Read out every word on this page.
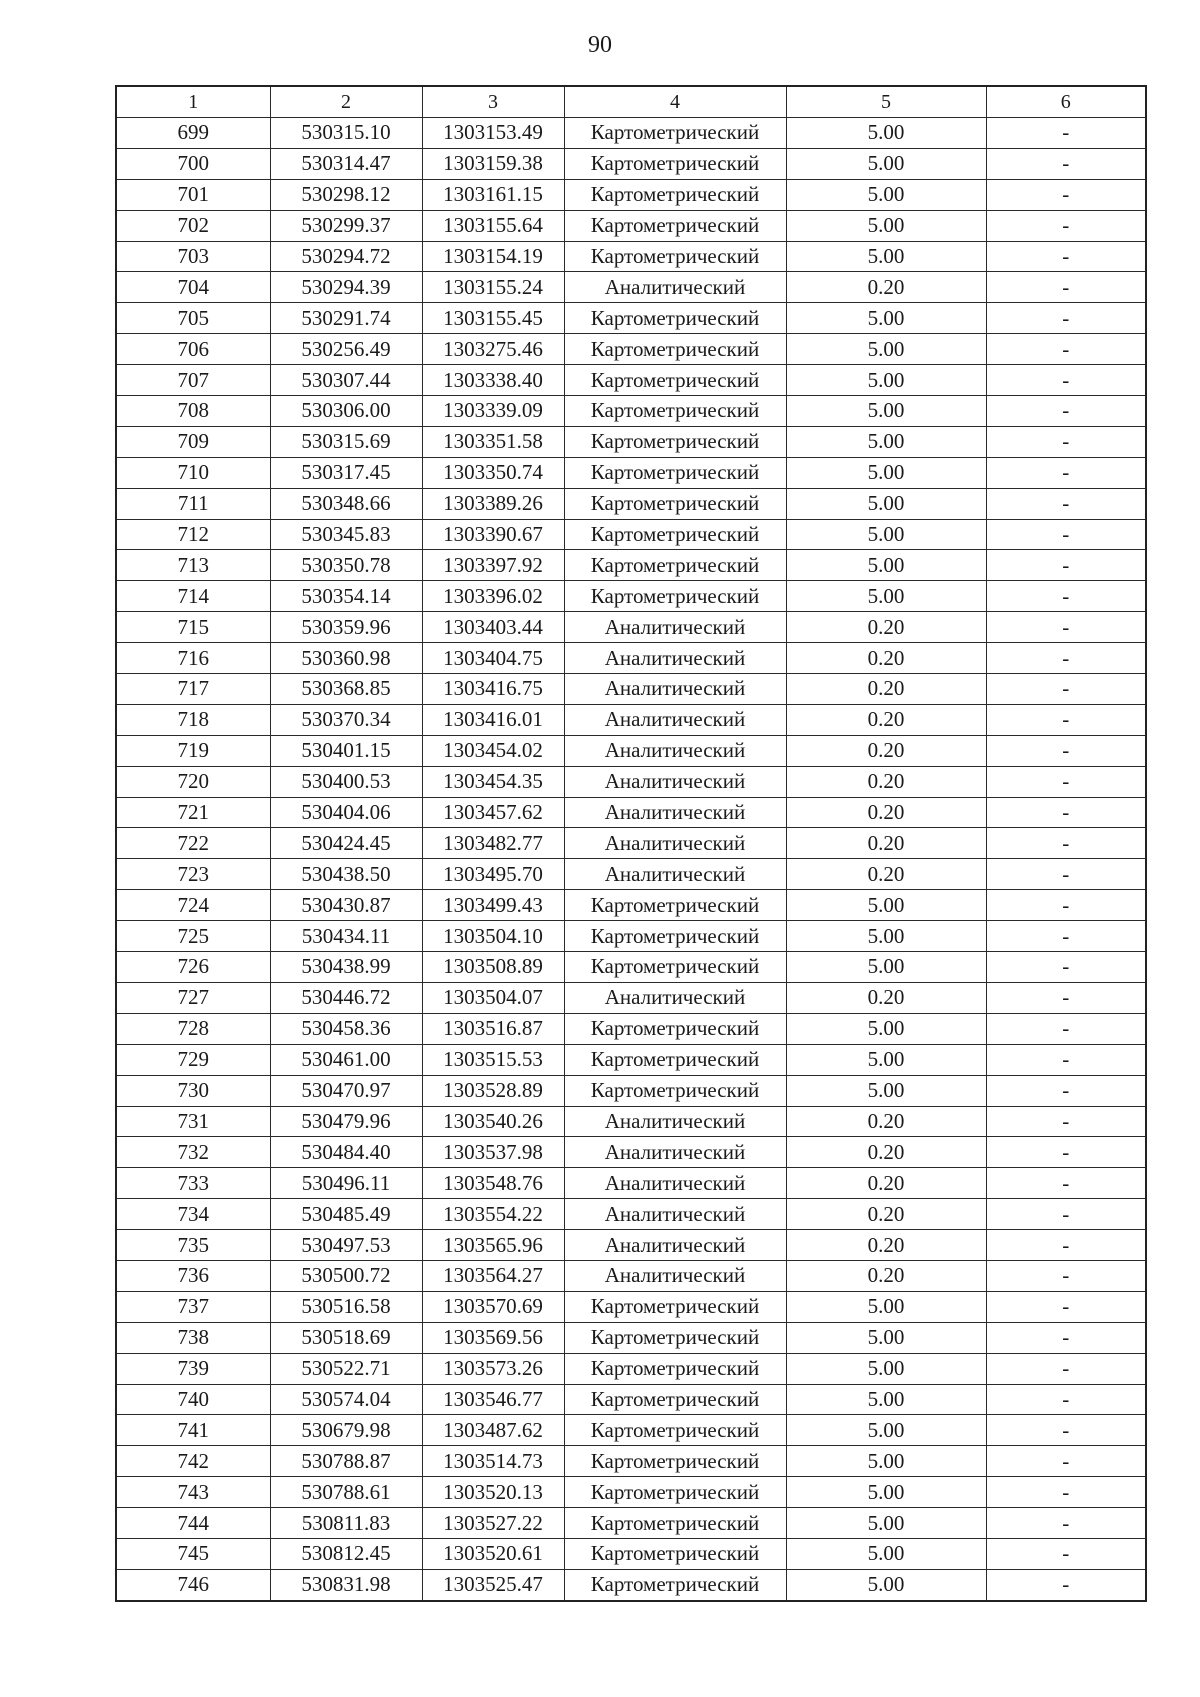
90
1	2	3	4	5	6
699	530315.10	1303153.49	Картометрический	5.00	-
700	530314.47	1303159.38	Картометрический	5.00	-
701	530298.12	1303161.15	Картометрический	5.00	-
702	530299.37	1303155.64	Картометрический	5.00	-
703	530294.72	1303154.19	Картометрический	5.00	-
704	530294.39	1303155.24	Аналитический	0.20	-
705	530291.74	1303155.45	Картометрический	5.00	-
706	530256.49	1303275.46	Картометрический	5.00	-
707	530307.44	1303338.40	Картометрический	5.00	-
708	530306.00	1303339.09	Картометрический	5.00	-
709	530315.69	1303351.58	Картометрический	5.00	-
710	530317.45	1303350.74	Картометрический	5.00	-
711	530348.66	1303389.26	Картометрический	5.00	-
712	530345.83	1303390.67	Картометрический	5.00	-
713	530350.78	1303397.92	Картометрический	5.00	-
714	530354.14	1303396.02	Картометрический	5.00	-
715	530359.96	1303403.44	Аналитический	0.20	-
716	530360.98	1303404.75	Аналитический	0.20	-
717	530368.85	1303416.75	Аналитический	0.20	-
718	530370.34	1303416.01	Аналитический	0.20	-
719	530401.15	1303454.02	Аналитический	0.20	-
720	530400.53	1303454.35	Аналитический	0.20	-
721	530404.06	1303457.62	Аналитический	0.20	-
722	530424.45	1303482.77	Аналитический	0.20	-
723	530438.50	1303495.70	Аналитический	0.20	-
724	530430.87	1303499.43	Картометрический	5.00	-
725	530434.11	1303504.10	Картометрический	5.00	-
726	530438.99	1303508.89	Картометрический	5.00	-
727	530446.72	1303504.07	Аналитический	0.20	-
728	530458.36	1303516.87	Картометрический	5.00	-
729	530461.00	1303515.53	Картометрический	5.00	-
730	530470.97	1303528.89	Картометрический	5.00	-
731	530479.96	1303540.26	Аналитический	0.20	-
732	530484.40	1303537.98	Аналитический	0.20	-
733	530496.11	1303548.76	Аналитический	0.20	-
734	530485.49	1303554.22	Аналитический	0.20	-
735	530497.53	1303565.96	Аналитический	0.20	-
736	530500.72	1303564.27	Аналитический	0.20	-
737	530516.58	1303570.69	Картометрический	5.00	-
738	530518.69	1303569.56	Картометрический	5.00	-
739	530522.71	1303573.26	Картометрический	5.00	-
740	530574.04	1303546.77	Картометрический	5.00	-
741	530679.98	1303487.62	Картометрический	5.00	-
742	530788.87	1303514.73	Картометрический	5.00	-
743	530788.61	1303520.13	Картометрический	5.00	-
744	530811.83	1303527.22	Картометрический	5.00	-
745	530812.45	1303520.61	Картометрический	5.00	-
746	530831.98	1303525.47	Картометрический	5.00	-
